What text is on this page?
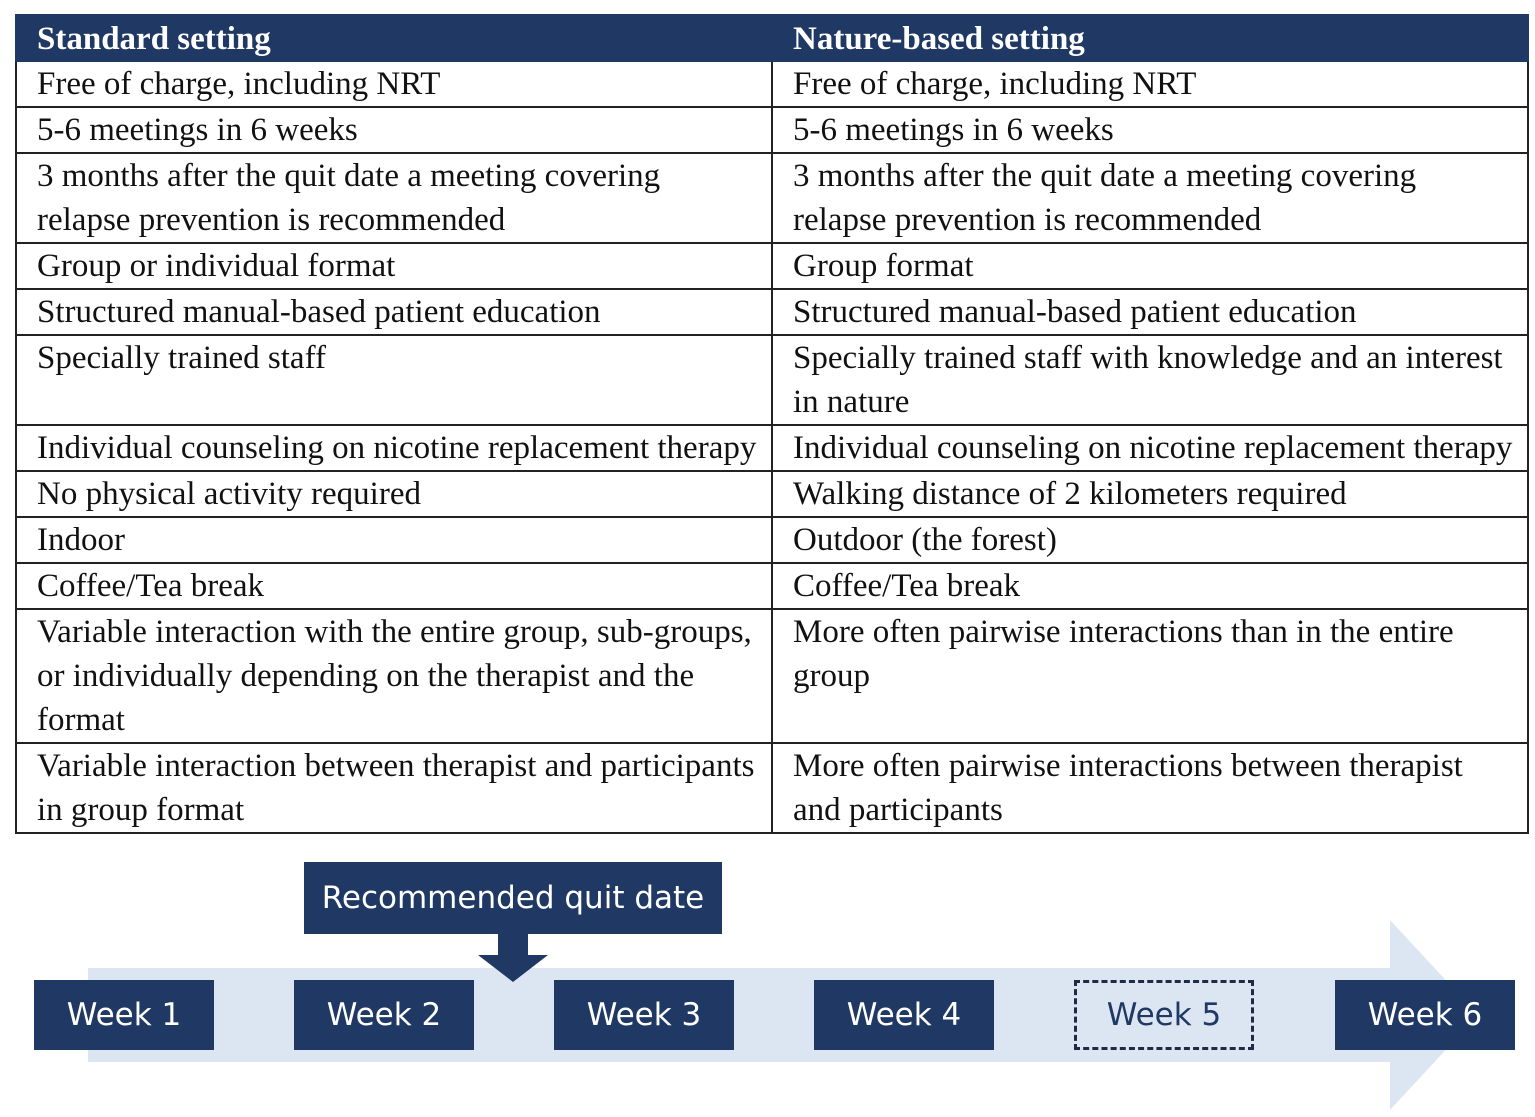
Standard setting	Nature-based setting
Free of charge, including NRT	Free of charge, including NRT
5-6 meetings in 6 weeks	5-6 meetings in 6 weeks
3 months after the quit date a meeting covering relapse prevention is recommended	3 months after the quit date a meeting covering relapse prevention is recommended
Group or individual format	Group format
Structured manual-based patient education	Structured manual-based patient education
Specially trained staff	Specially trained staff with knowledge and an interest in nature
Individual counseling on nicotine replacement therapy	Individual counseling on nicotine replacement therapy
No physical activity required	Walking distance of 2 kilometers required
Indoor	Outdoor (the forest)
Coffee/Tea break	Coffee/Tea break
Variable interaction with the entire group, sub-groups, or individually depending on the therapist and the format	More often pairwise interactions than in the entire group
Variable interaction between therapist and participants in group format	More often pairwise interactions between therapist and participants
Recommended quit date
Week 1	Week 2	Week 3	Week 4	Week 5	Week 6
